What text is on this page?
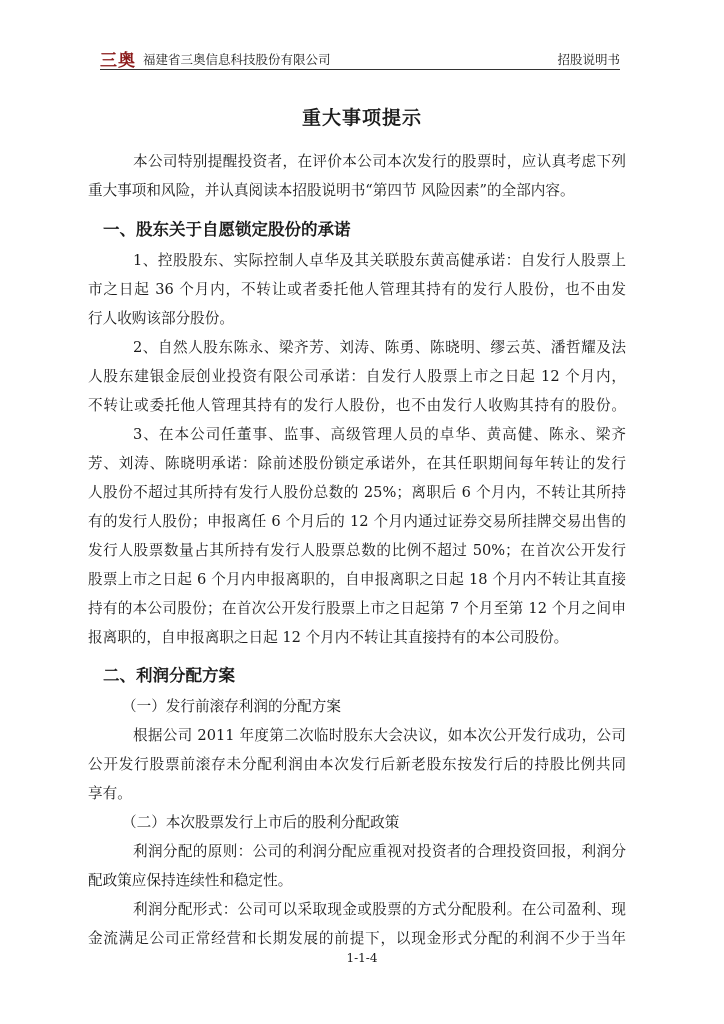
三奥 福建省三奥信息科技股份有限公司	招股说明书
重大事项提示
本公司特别提醒投资者，在评价本公司本次发行的股票时，应认真考虑下列
重大事项和风险，并认真阅读本招股说明书“第四节 风险因素”的全部内容。
一、股东关于自愿锁定股份的承诺
1、控股股东、实际控制人卓华及其关联股东黄高健承诺：自发行人股票上
市之日起 36 个月内，不转让或者委托他人管理其持有的发行人股份，也不由发
行人收购该部分股份。
2、自然人股东陈永、梁齐芳、刘涛、陈勇、陈晓明、缪云英、潘哲耀及法
人股东建银金辰创业投资有限公司承诺：自发行人股票上市之日起 12 个月内，
不转让或委托他人管理其持有的发行人股份，也不由发行人收购其持有的股份。
3、在本公司任董事、监事、高级管理人员的卓华、黄高健、陈永、梁齐
芳、刘涛、陈晓明承诺：除前述股份锁定承诺外，在其任职期间每年转让的发行
人股份不超过其所持有发行人股份总数的 25%；离职后 6 个月内，不转让其所持
有的发行人股份；申报离任 6 个月后的 12 个月内通过证券交易所挂牌交易出售的
发行人股票数量占其所持有发行人股票总数的比例不超过 50%；在首次公开发行
股票上市之日起 6 个月内申报离职的，自申报离职之日起 18 个月内不转让其直接
持有的本公司股份；在首次公开发行股票上市之日起第 7 个月至第 12 个月之间申
报离职的，自申报离职之日起 12 个月内不转让其直接持有的本公司股份。
二、利润分配方案
（一）发行前滚存利润的分配方案
根据公司 2011 年度第二次临时股东大会决议，如本次公开发行成功，公司
公开发行股票前滚存未分配利润由本次发行后新老股东按发行后的持股比例共同
享有。
（二）本次股票发行上市后的股利分配政策
利润分配的原则：公司的利润分配应重视对投资者的合理投资回报，利润分
配政策应保持连续性和稳定性。
利润分配形式：公司可以采取现金或股票的方式分配股利。在公司盈利、现
金流满足公司正常经营和长期发展的前提下，以现金形式分配的利润不少于当年
1-1-4
